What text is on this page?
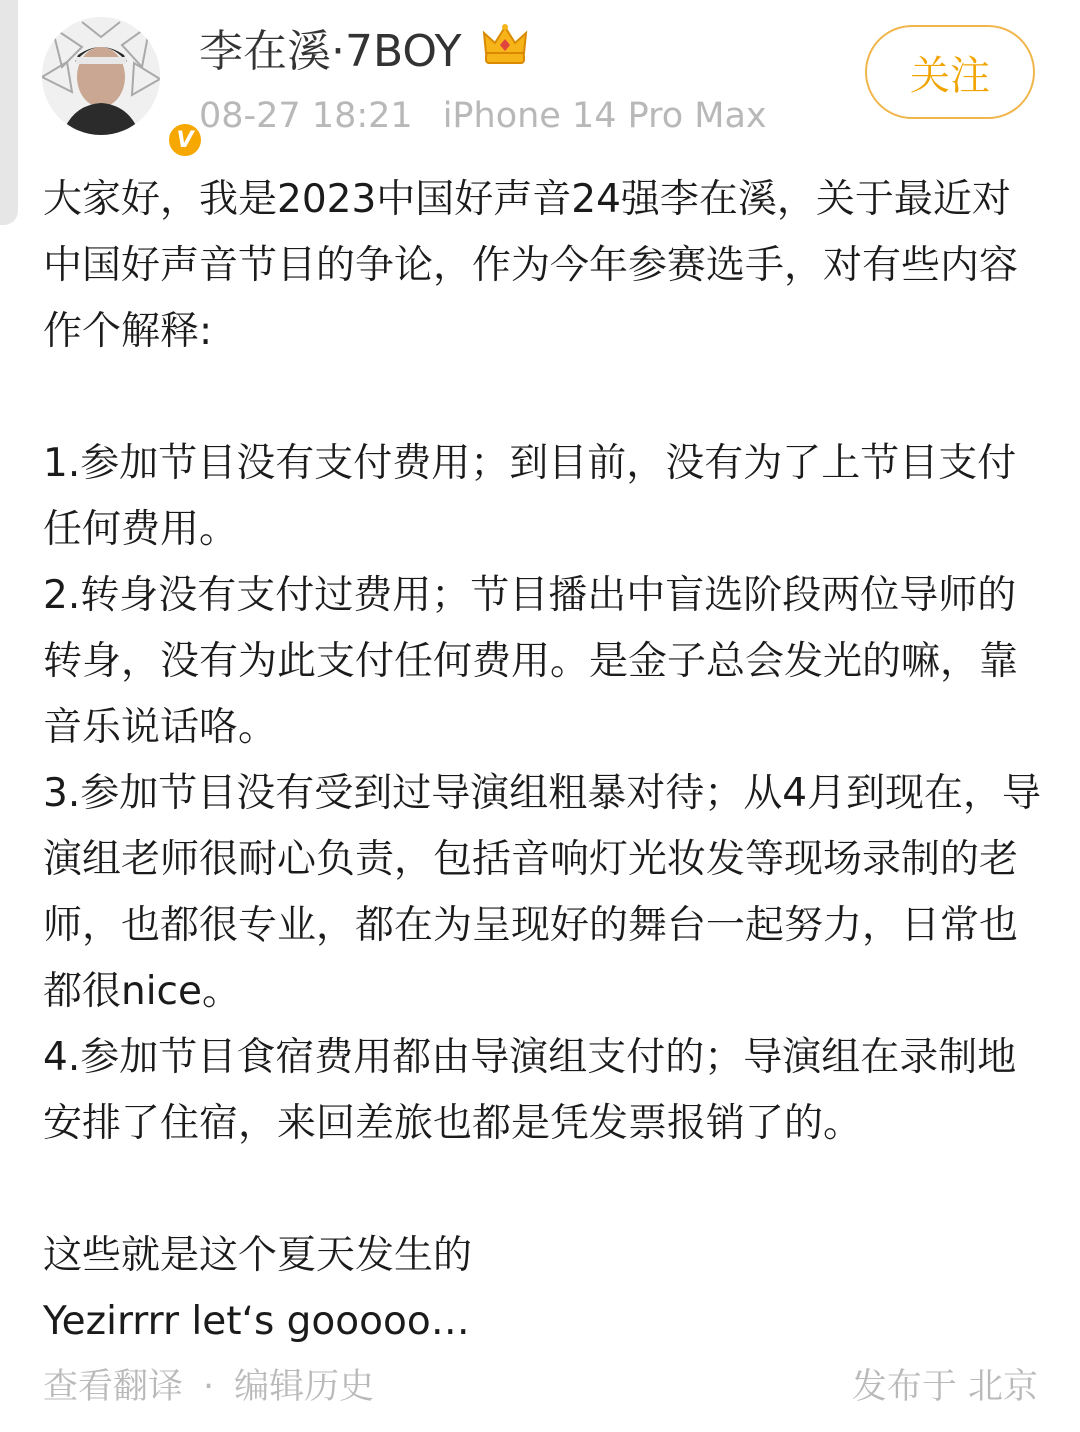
V
李在溪·7BOY
08-27 18:21 iPhone 14 Pro Max
关注

大家好，我是2023中国好声音24强李在溪，关于最近对中国好声音节目的争论，作为今年参赛选手，对有些内容作个解释:

1.参加节目没有支付费用；到目前，没有为了上节目支付任何费用。

2.转身没有支付过费用；节目播出中盲选阶段两位导师的转身，没有为此支付任何费用。是金子总会发光的嘛，靠音乐说话咯。

3.参加节目没有受到过导演组粗暴对待；从4月到现在，导演组老师很耐心负责，包括音响灯光妆发等现场录制的老师，也都很专业，都在为呈现好的舞台一起努力，日常也都很nice。

4.参加节目食宿费用都由导演组支付的；导演组在录制地安排了住宿，来回差旅也都是凭发票报销了的。

这些就是这个夏天发生的

Yezirrrr let‘s gooooo…

查看翻译 · 编辑历史	发布于 北京
